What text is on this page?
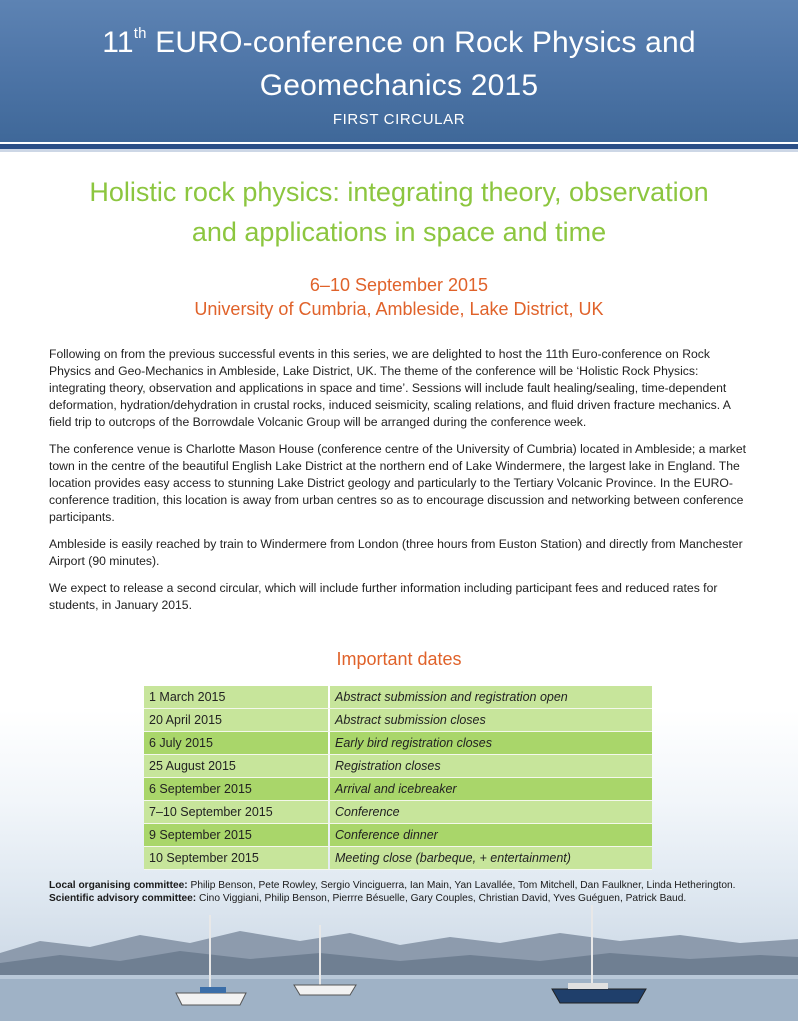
11th EURO-conference on Rock Physics and
Geomechanics 2015
FIRST CIRCULAR
Holistic rock physics: integrating theory, observation
and applications in space and time
6–10 September 2015
University of Cumbria, Ambleside, Lake District, UK

Following on from the previous successful events in this series, we are delighted to host the 11th Euro-conference on Rock Physics and Geo-Mechanics in Ambleside, Lake District, UK. The theme of the conference will be ‘Holistic Rock Physics: integrating theory, observation and applications in space and time’. Sessions will include fault healing/sealing, time-dependent deformation, hydration/dehydration in crustal rocks, induced seismicity, scaling relations, and fluid driven fracture mechanics. A field trip to outcrops of the Borrowdale Volcanic Group will be arranged during the conference week.

The conference venue is Charlotte Mason House (conference centre of the University of Cumbria) located in Ambleside; a market town in the centre of the beautiful English Lake District at the northern end of Lake Windermere, the largest lake in England. The location provides easy access to stunning Lake District geology and particularly to the Tertiary Volcanic Province. In the EURO-conference tradition, this location is away from urban centres so as to encourage discussion and networking between conference participants.

Ambleside is easily reached by train to Windermere from London (three hours from Euston Station) and directly from Manchester Airport (90 minutes).

We expect to release a second circular, which will include further information including participant fees and reduced rates for students, in January 2015.

Important dates
1 March 2015	Abstract submission and registration open
20 April 2015	Abstract submission closes
6 July 2015	Early bird registration closes
25 August 2015	Registration closes
6 September 2015	Arrival and icebreaker
7–10 September 2015	Conference
9 September 2015	Conference dinner
10 September 2015	Meeting close (barbeque, + entertainment)
Local organising committee: Philip Benson, Pete Rowley, Sergio Vinciguerra, Ian Main, Yan Lavallée, Tom Mitchell, Dan Faulkner, Linda Hetherington.
Scientific advisory committee: Cino Viggiani, Philip Benson, Pierrre Bésuelle, Gary Couples, Christian David, Yves Guéguen, Patrick Baud.
